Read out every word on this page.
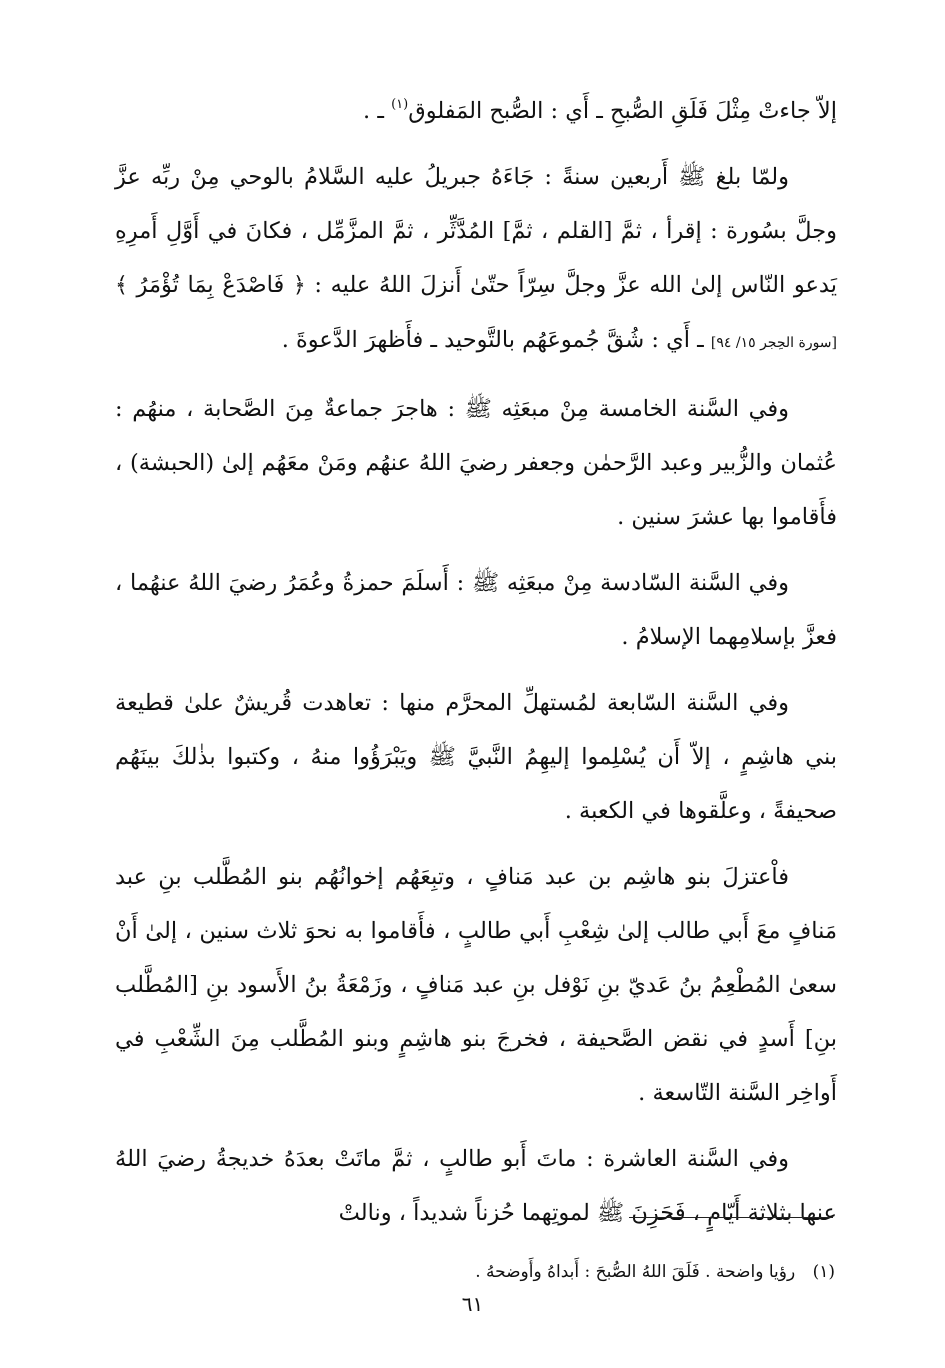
إلاّ جاءتْ مِثْلَ فَلَقِ الصُّبحِ ـ أَي : الصُّبح المَفلوق$^{(١)}$ ـ .

ولمّا بلغ ﷺ أَربعين سنةً : جَاءَهُ جبريلُ عليه السَّلامُ بالوحي مِنْ ربِّه عزَّ وجلَّ بسُورة : إقرأ ، ثمَّ [القلم ، ثمَّ] المُدَّثِّر ، ثمَّ المزَّمِّل ، فكانَ في أَوَّلِ أَمرِهِ يَدعو النّاس إلىٰ الله عزَّ وجلَّ سِرّاً حتّىٰ أَنزلَ اللهُ عليه : ﴿ فَاصْدَعْ بِمَا تُؤْمَرُ ﴾ [سورة الحِجر ١٥/ ٩٤] ـ أَي : شُقَّ جُموعَهُم بالتَّوحيد ـ فأَظهرَ الدَّعوةَ .

وفي السَّنة الخامسة مِنْ مبعَثِه ﷺ : هاجرَ جماعةٌ مِنَ الصَّحابة ، منهُم : عُثمان والزُّبير وعبد الرَّحمٰن وجعفر رضيَ اللهُ عنهُم ومَنْ معَهُم إلىٰ (الحبشة) ، فأَقاموا بها عشرَ سنين .

وفي السَّنة السّادسة مِنْ مبعَثِه ﷺ : أَسلَمَ حمزةُ وعُمَرُ رضيَ اللهُ عنهُما ، فعزَّ بإسلامِهما الإسلامُ .

وفي السَّنة السّابعة لمُستهلِّ المحرَّم منها : تعاهدت قُريشٌ علىٰ قطيعة بني هاشِمٍ ، إلاّ أَن يُسْلِموا إليهِمُ النَّبيَّ ﷺ ويَبْرَؤُوا منهُ ، وكتبوا بذٰلكَ بينَهُم صحيفةً ، وعلَّقوها في الكعبة .

فاْعتزلَ بنو هاشِم بن عبد مَنافٍ ، وتبِعَهُم إخوانُهُم بنو المُطَّلب بنِ عبد مَنافٍ معَ أَبي طالب إلىٰ شِعْبِ أَبي طالبٍ ، فأَقاموا به نحوَ ثلاث سنين ، إلىٰ أَنْ سعىٰ المُطْعِمُ بنُ عَديّ بنِ نَوْفل بنِ عبد مَنافٍ ، وزَمْعَةُ بنُ الأَسود بنِ [المُطَّلب بنِ] أَسدٍ في نقض الصَّحيفة ، فخرجَ بنو هاشِمٍ وبنو المُطَّلب مِنَ الشِّعْبِ في أَواخِر السَّنة التّاسعة .

وفي السَّنة العاشرة : ماتَ أَبو طالبٍ ، ثمَّ ماتَتْ بعدَهُ خديجةُ رضيَ اللهُ عنها بثلاثة أَيّامٍ ، فَحَزِنَ ﷺ لموتِهما حُزناً شديداً ، ونالتْ

(١) رؤيا واضحة . فَلَقَ اللهُ الصُّبحَ : أَبداهُ وأَوضحهُ .
٦١
